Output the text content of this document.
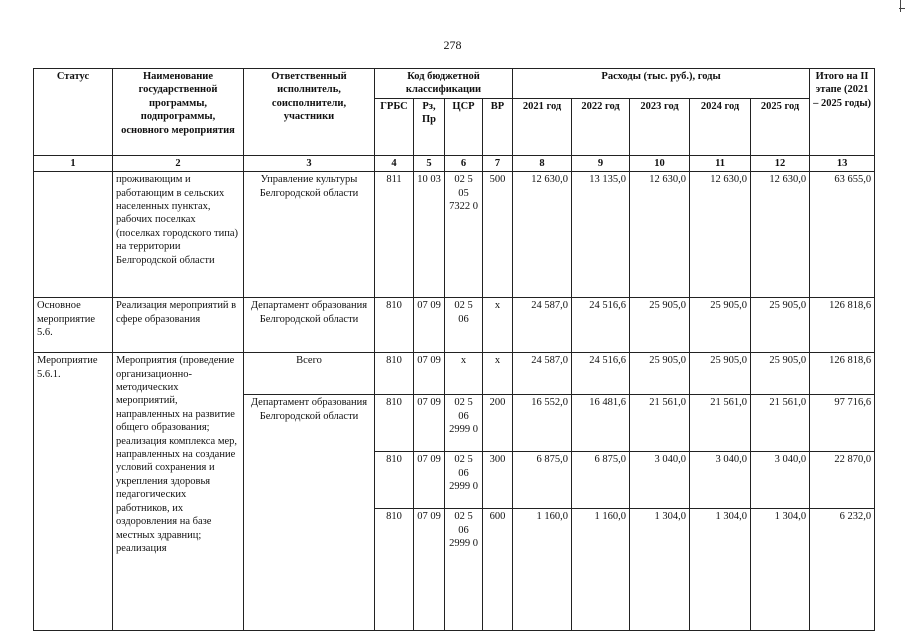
278
Статус	Наименование государственной программы, подпрограммы, основного мероприятия	Ответственный исполнитель, соисполнители, участники	Код бюджетной классификации				Расходы (тыс. руб.), годы					Итого на II этапе (2021 – 2025 годы)
			ГРБС	Рз, Пр	ЦСР	ВР	2021 год	2022 год	2023 год	2024 год	2025 год	
1	2	3	4	5	6	7	8	9	10	11	12	13
	проживающим и работающим в сельских населенных пунктах, рабочих поселках (поселках городского типа) на территории Белгородской области	Управление культуры Белгородской области	811	10 03	02 5 05 7322 0	500	12 630,0	13 135,0	12 630,0	12 630,0	12 630,0	63 655,0
Основное мероприятие 5.6.	Реализация мероприятий в сфере образования	Департамент образования Белгородской области	810	07 09	02 5 06	x	24 587,0	24 516,6	25 905,0	25 905,0	25 905,0	126 818,6
Мероприятие 5.6.1.	Мероприятия (проведение организационно-методических мероприятий, направленных на развитие общего образования; реализация комплекса мер, направленных на создание условий сохранения и укрепления здоровья педагогических работников, их оздоровления на базе местных здравниц; реализация	Всего	810	07 09	x	x	24 587,0	24 516,6	25 905,0	25 905,0	25 905,0	126 818,6
		Департамент образования Белгородской области	810	07 09	02 5 06 2999 0	200	16 552,0	16 481,6	21 561,0	21 561,0	21 561,0	97 716,6
			810	07 09	02 5 06 2999 0	300	6 875,0	6 875,0	3 040,0	3 040,0	3 040,0	22 870,0
			810	07 09	02 5 06 2999 0	600	1 160,0	1 160,0	1 304,0	1 304,0	1 304,0	6 232,0
